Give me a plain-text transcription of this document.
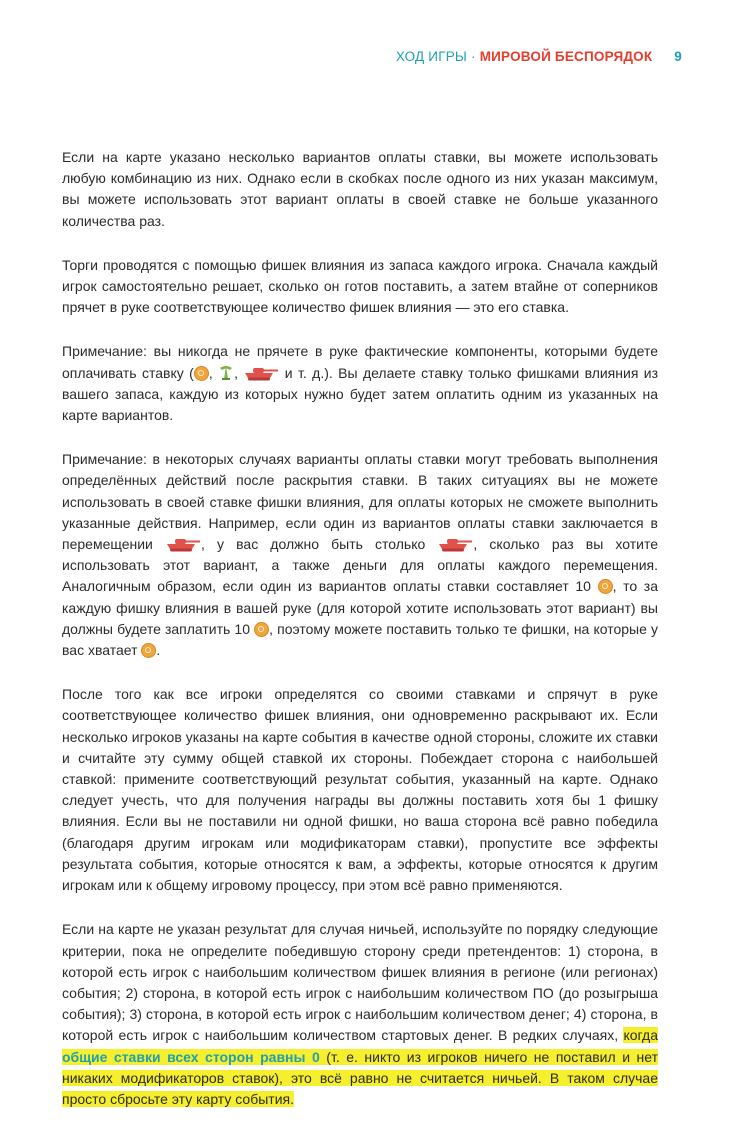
ХОД ИГРЫ · МИРОВОЙ БЕСПОРЯДОК 9

Если на карте указано несколько вариантов оплаты ставки, вы можете использовать любую комбинацию из них. Однако если в скобках после одного из них указан максимум, вы можете использовать этот вариант оплаты в своей ставке не больше указанного количества раз.

Торги проводятся с помощью фишек влияния из запаса каждого игрока. Сначала каждый игрок самостоятельно решает, сколько он готов поставить, а затем втайне от соперников прячет в руке соответствующее количество фишек влияния — это его ставка.

Примечание: вы никогда не прячете в руке фактические компоненты, которыми будете оплачивать ставку ( , ,	и т. д.). Вы делаете ставку только фишками влияния из вашего запаса, каждую из которых нужно будет затем оплатить одним из указанных на карте вариантов.

Примечание: в некоторых случаях варианты оплаты ставки могут требовать выполнения определённых действий после раскрытия ставки. В таких ситуациях вы не можете использовать в своей ставке фишки влияния, для оплаты которых не сможете выполнить указанные действия. Например, если один из вариантов оплаты ставки заключается в перемещении	, у вас должно быть столько	, сколько раз вы хотите использовать этот вариант, а также деньги для оплаты каждого перемещения. Аналогичным образом, если один из вариантов оплаты ставки составляет 10 , то за каждую фишку влияния в вашей руке (для которой хотите использовать этот вариант) вы должны будете заплатить 10 , поэтому можете поставить только те фишки, на которые у вас хватает .

После того как все игроки определятся со своими ставками и спрячут в руке соответствующее количество фишек влияния, они одновременно раскрывают их. Если несколько игроков указаны на карте события в качестве одной стороны, сложите их ставки и считайте эту сумму общей ставкой их стороны. Побеждает сторона с наибольшей ставкой: примените соответствующий результат события, указанный на карте. Однако следует учесть, что для получения награды вы должны поставить хотя бы 1 фишку влияния. Если вы не поставили ни одной фишки, но ваша сторона всё равно победила (благодаря другим игрокам или модификаторам ставки), пропустите все эффекты результата события, которые относятся к вам, а эффекты, которые относятся к другим игрокам или к общему игровому процессу, при этом всё равно применяются.

Если на карте не указан результат для случая ничьей, используйте по порядку следующие критерии, пока не определите победившую сторону среди претендентов: 1) сторона, в которой есть игрок с наибольшим количеством фишек влияния в регионе (или регионах) события; 2) сторона, в которой есть игрок с наибольшим количеством ПО (до розыгрыша события); 3) сторона, в которой есть игрок с наибольшим количеством денег; 4) сторона, в которой есть игрок с наибольшим количеством стартовых денег. В редких случаях, когда общие ставки всех сторон равны 0 (т. е. никто из игроков ничего не поставил и нет никаких модификаторов ставок), это всё равно не считается ничьей. В таком случае просто сбросьте эту карту события.
